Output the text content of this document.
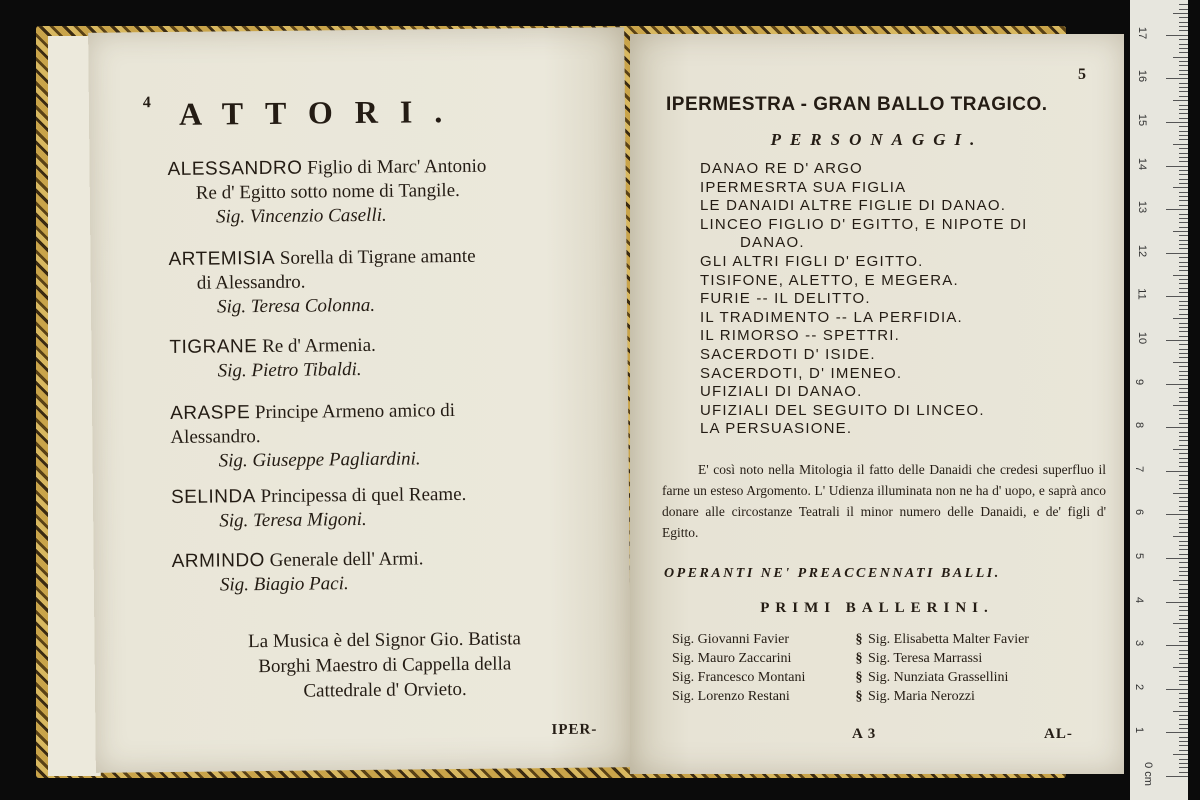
4 ATTORI.
ALESSANDRO Figlio di Marc' Antonio
Re d' Egitto sotto nome di Tangile.
Sig. Vincenzio Caselli.
ARTEMISIA Sorella di Tigrane amante
di Alessandro.
Sig. Teresa Colonna.
TIGRANE Re d' Armenia.
Sig. Pietro Tibaldi.
ARASPE Principe Armeno amico di
Alessandro.
Sig. Giuseppe Pagliardini.
SELINDA Principessa di quel Reame.
Sig. Teresa Migoni.
ARMINDO Generale dell' Armi.
Sig. Biagio Paci.
La Musica è del Signor Gio. Batista
Borghi Maestro di Cappella della
Cattedrale d' Orvieto.
IPER-
5
IPERMESTRA - GRAN BALLO TRAGICO.
PERSONAGGI.
DANAO RE D' ARGO
IPERMESRTA SUA FIGLIA
LE DANAIDI ALTRE FIGLIE DI DANAO.
LINCEO FIGLIO D' EGITTO, E NIPOTE DI
DANAO.
GLI ALTRI FIGLI D' EGITTO.
TISIFONE, ALETTO, E MEGERA.
FURIE -- IL DELITTO.
IL TRADIMENTO -- LA PERFIDIA.
IL RIMORSO -- SPETTRI.
SACERDOTI D' ISIDE.
SACERDOTI, D' IMENEO.
UFIZIALI DI DANAO.
UFIZIALI DEL SEGUITO DI LINCEO.
LA PERSUASIONE.
E' così noto nella Mitologia il fatto delle Danaidi che credesi superfluo il farne un esteso Argomento. L' Udienza illuminata non ne ha d' uopo, e saprà anco donare alle circostanze Teatrali il minor numero delle Danaidi, e de' figli d' Egitto.
OPERANTI NE' PREACCENNATI BALLI.
PRIMI BALLERINI.
Sig. Giovanni Favier	§ Sig. Elisabetta Malter Favier
Sig. Mauro Zaccarini	§ Sig. Teresa Marrassi
Sig. Francesco Montani	§ Sig. Nunziata Grassellini
Sig. Lorenzo Restani	§ Sig. Maria Nerozzi
A 3	AL-
0 cm
1
2
3
4
5
6
7
8
9
10
11
12
13
14
15
16
17
